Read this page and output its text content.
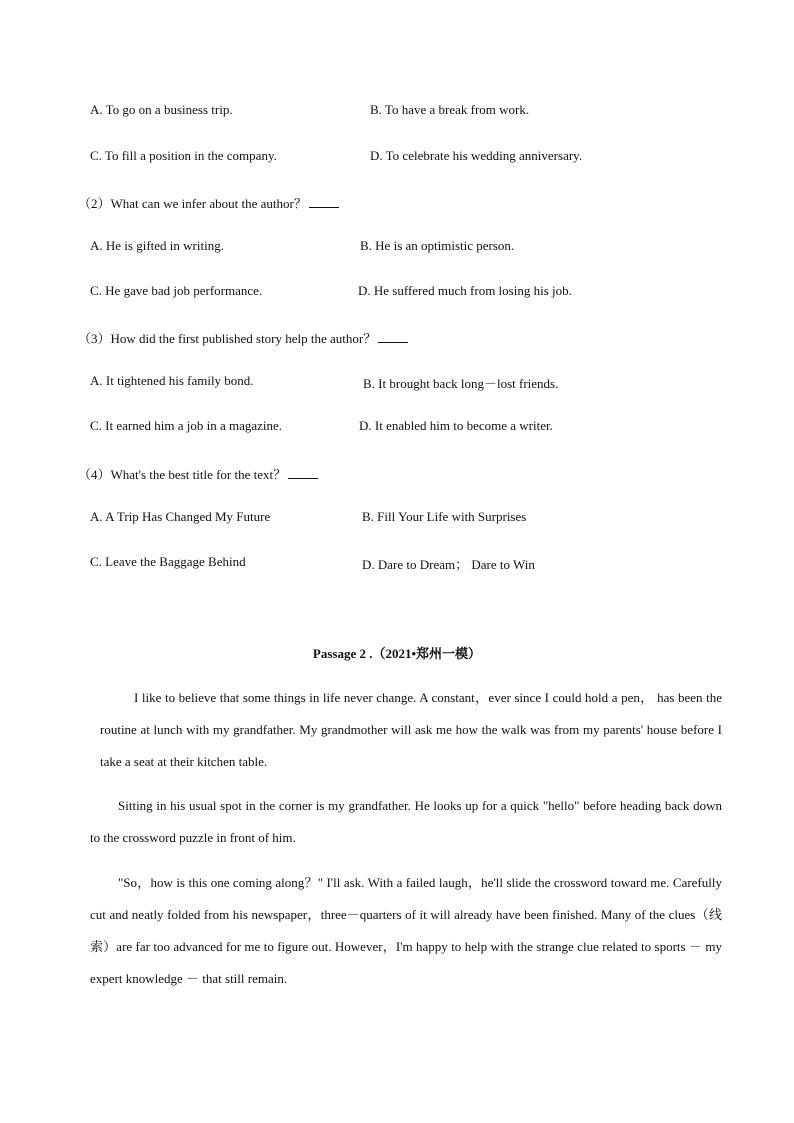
A. To go on a business trip.	B. To have a break from work.
C. To fill a position in the company.	D. To celebrate his wedding anniversary.
（2）What can we infer about the author？
A. He is gifted in writing.	B. He is an optimistic person.
C. He gave bad job performance.	D. He suffered much from losing his job.
（3）How did the first published story help the author？
A. It tightened his family bond.	B. It brought back long－lost friends.
C. It earned him a job in a magazine.	D. It enabled him to become a writer.
（4）What's the best title for the text？
A. A Trip Has Changed My Future	B. Fill Your Life with Surprises
C. Leave the Baggage Behind	D. Dare to Dream； Dare to Win
Passage 2 .（2021•郑州一模）
I like to believe that some things in life never change. A constant，ever since I could hold a pen， has been the routine at lunch with my grandfather. My grandmother will ask me how the walk was from my parents' house before I take a seat at their kitchen table.
Sitting in his usual spot in the corner is my grandfather. He looks up for a quick "hello" before heading back down to the crossword puzzle in front of him.
"So，how is this one coming along？" I'll ask. With a failed laugh，he'll slide the crossword toward me. Carefully cut and neatly folded from his newspaper，three－quarters of it will already have been finished. Many of the clues（线索）are far too advanced for me to figure out. However，I'm happy to help with the strange clue related to sports － my expert knowledge － that still remain.
